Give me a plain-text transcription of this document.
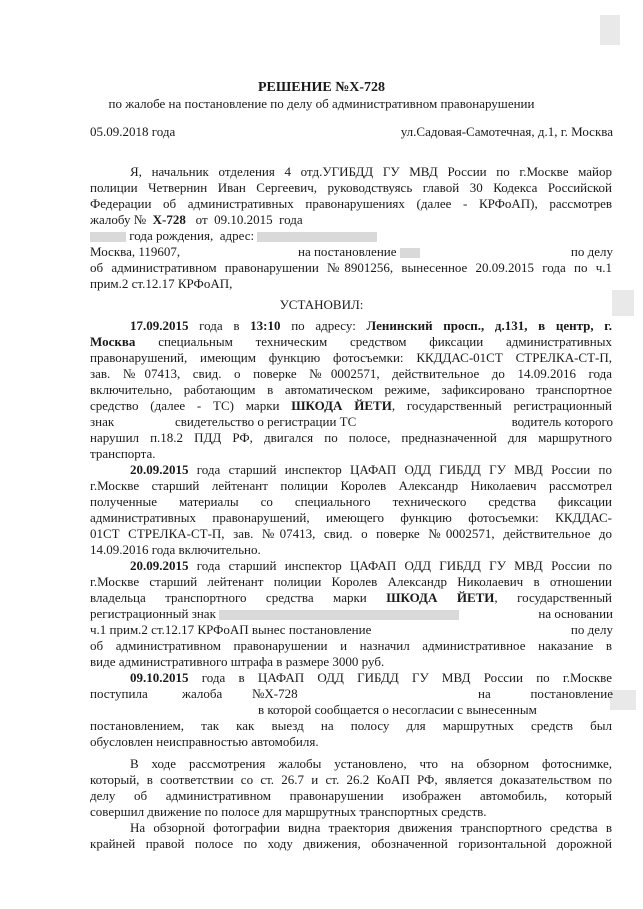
РЕШЕНИЕ №Х-728
по жалобе на постановление по делу об административном правонарушении
05.09.2018 года	ул.Садовая-Самотечная, д.1, г. Москва
Я, начальник отделения 4 отд.УГИБДД ГУ МВД России по г.Москве майор
полиции Четвернин Иван Сергеевич, руководствуясь главой 30 Кодекса Российской
Федерации об административных правонарушениях (далее - КРФоАП), рассмотрев
жалобу № Х-728 от 09.10.2015 года
года рождения, адрес:
Москва, 119607,	на постановление	по делу
об административном правонарушении №8901256, вынесенное 20.09.2015 года по ч.1
прим.2 ст.12.17 КРФоАП,
УСТАНОВИЛ:
17.09.2015 года в 13:10 по адресу: Ленинский просп., д.131, в центр, г.
Москва специальным техническим средством фиксации административных
правонарушений, имеющим функцию фотосъемки: ККДДАС-01СТ СТРЕЛКА-СТ-П,
зав. №07413, свид. о поверке №0002571, действительное до 14.09.2016 года
включительно, работающим в автоматическом режиме, зафиксировано транспортное
средство (далее - ТС) марки ШКОДА ЙЕТИ, государственный регистрационный
знак	свидетельство о регистрации ТС	водитель которого
нарушил п.18.2 ПДД РФ, двигался по полосе, предназначенной для маршрутного
транспорта.
20.09.2015 года старший инспектор ЦАФАП ОДД ГИБДД ГУ МВД России по
г.Москве старший лейтенант полиции Королев Александр Николаевич рассмотрел
полученные материалы со специального технического средства фиксации
административных правонарушений, имеющего функцию фотосъемки: ККДДАС-
01СТ СТРЕЛКА-СТ-П, зав. №07413, свид. о поверке №0002571, действительное до
14.09.2016 года включительно.
20.09.2015 года старший инспектор ЦАФАП ОДД ГИБДД ГУ МВД России по
г.Москве старший лейтенант полиции Королев Александр Николаевич в отношении
владельца транспортного средства марки ШКОДА ЙЕТИ, государственный
регистрационный знак	на основании
ч.1 прим.2 ст.12.17 КРФоАП вынес постановление	по делу
об административном правонарушении и назначил административное наказание в
виде административного штрафа в размере 3000 руб.
09.10.2015 года в ЦАФАП ОДД ГИБДД ГУ МВД России по г.Москве
поступила	жалоба №Х-728	на	постановление
в которой сообщается о несогласии с вынесенным
постановлением, так как выезд на полосу для маршрутных средств был
обусловлен неисправностью автомобиля.
В ходе рассмотрения жалобы установлено, что на обзорном фотоснимке,
который, в соответствии со ст. 26.7 и ст. 26.2 КоАП РФ, является доказательством по
делу об административном правонарушении изображен автомобиль, который
совершил движение по полосе для маршрутных транспортных средств.
На обзорной фотографии видна траектория движения транспортного средства в
крайней правой полосе по ходу движения, обозначенной горизонтальной дорожной
